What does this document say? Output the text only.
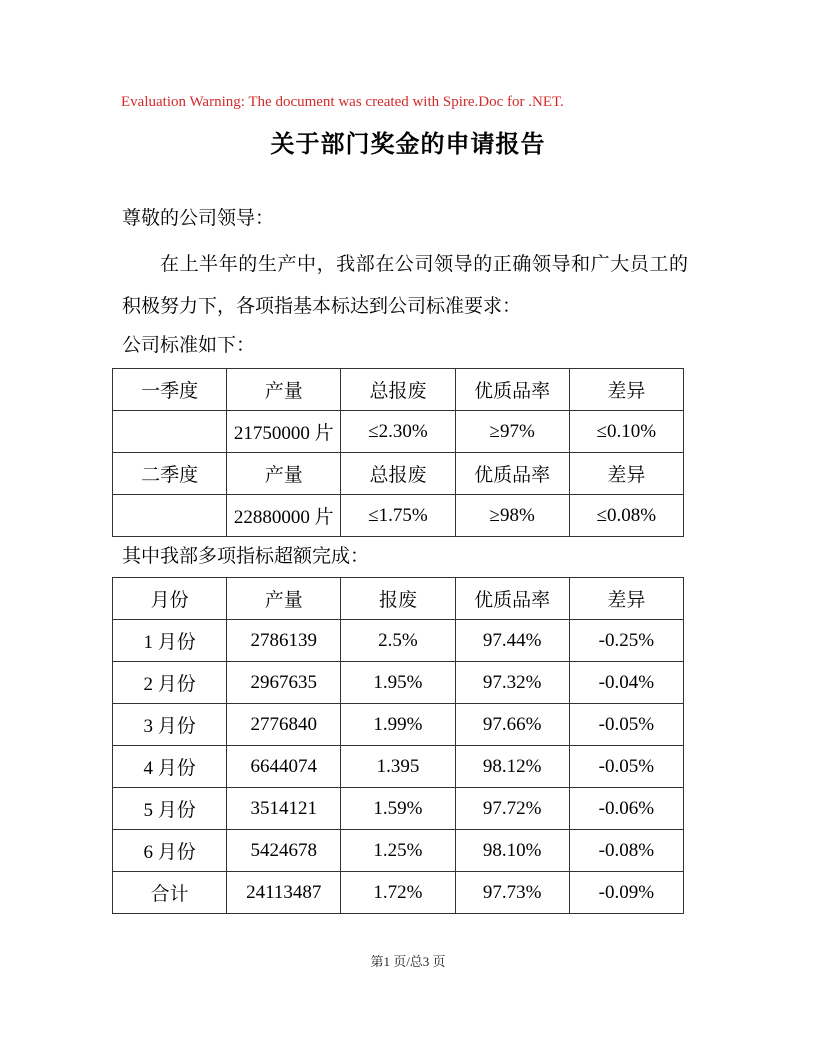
Evaluation Warning: The document was created with Spire.Doc for .NET.
关于部门奖金的申请报告
尊敬的公司领导：
在上半年的生产中，我部在公司领导的正确领导和广大员工的积极努力下，各项指基本标达到公司标准要求：
公司标准如下：
一季度	产量	总报废	优质品率	差异
	21750000 片	≤2.30%	≥97%	≤0.10%
二季度	产量	总报废	优质品率	差异
	22880000 片	≤1.75%	≥98%	≤0.08%
其中我部多项指标超额完成：
月份	产量	报废	优质品率	差异
1 月份	2786139	2.5%	97.44%	-0.25%
2 月份	2967635	1.95%	97.32%	-0.04%
3 月份	2776840	1.99%	97.66%	-0.05%
4 月份	6644074	1.395	98.12%	-0.05%
5 月份	3514121	1.59%	97.72%	-0.06%
6 月份	5424678	1.25%	98.10%	-0.08%
合计	24113487	1.72%	97.73%	-0.09%
第1 页/总3 页
